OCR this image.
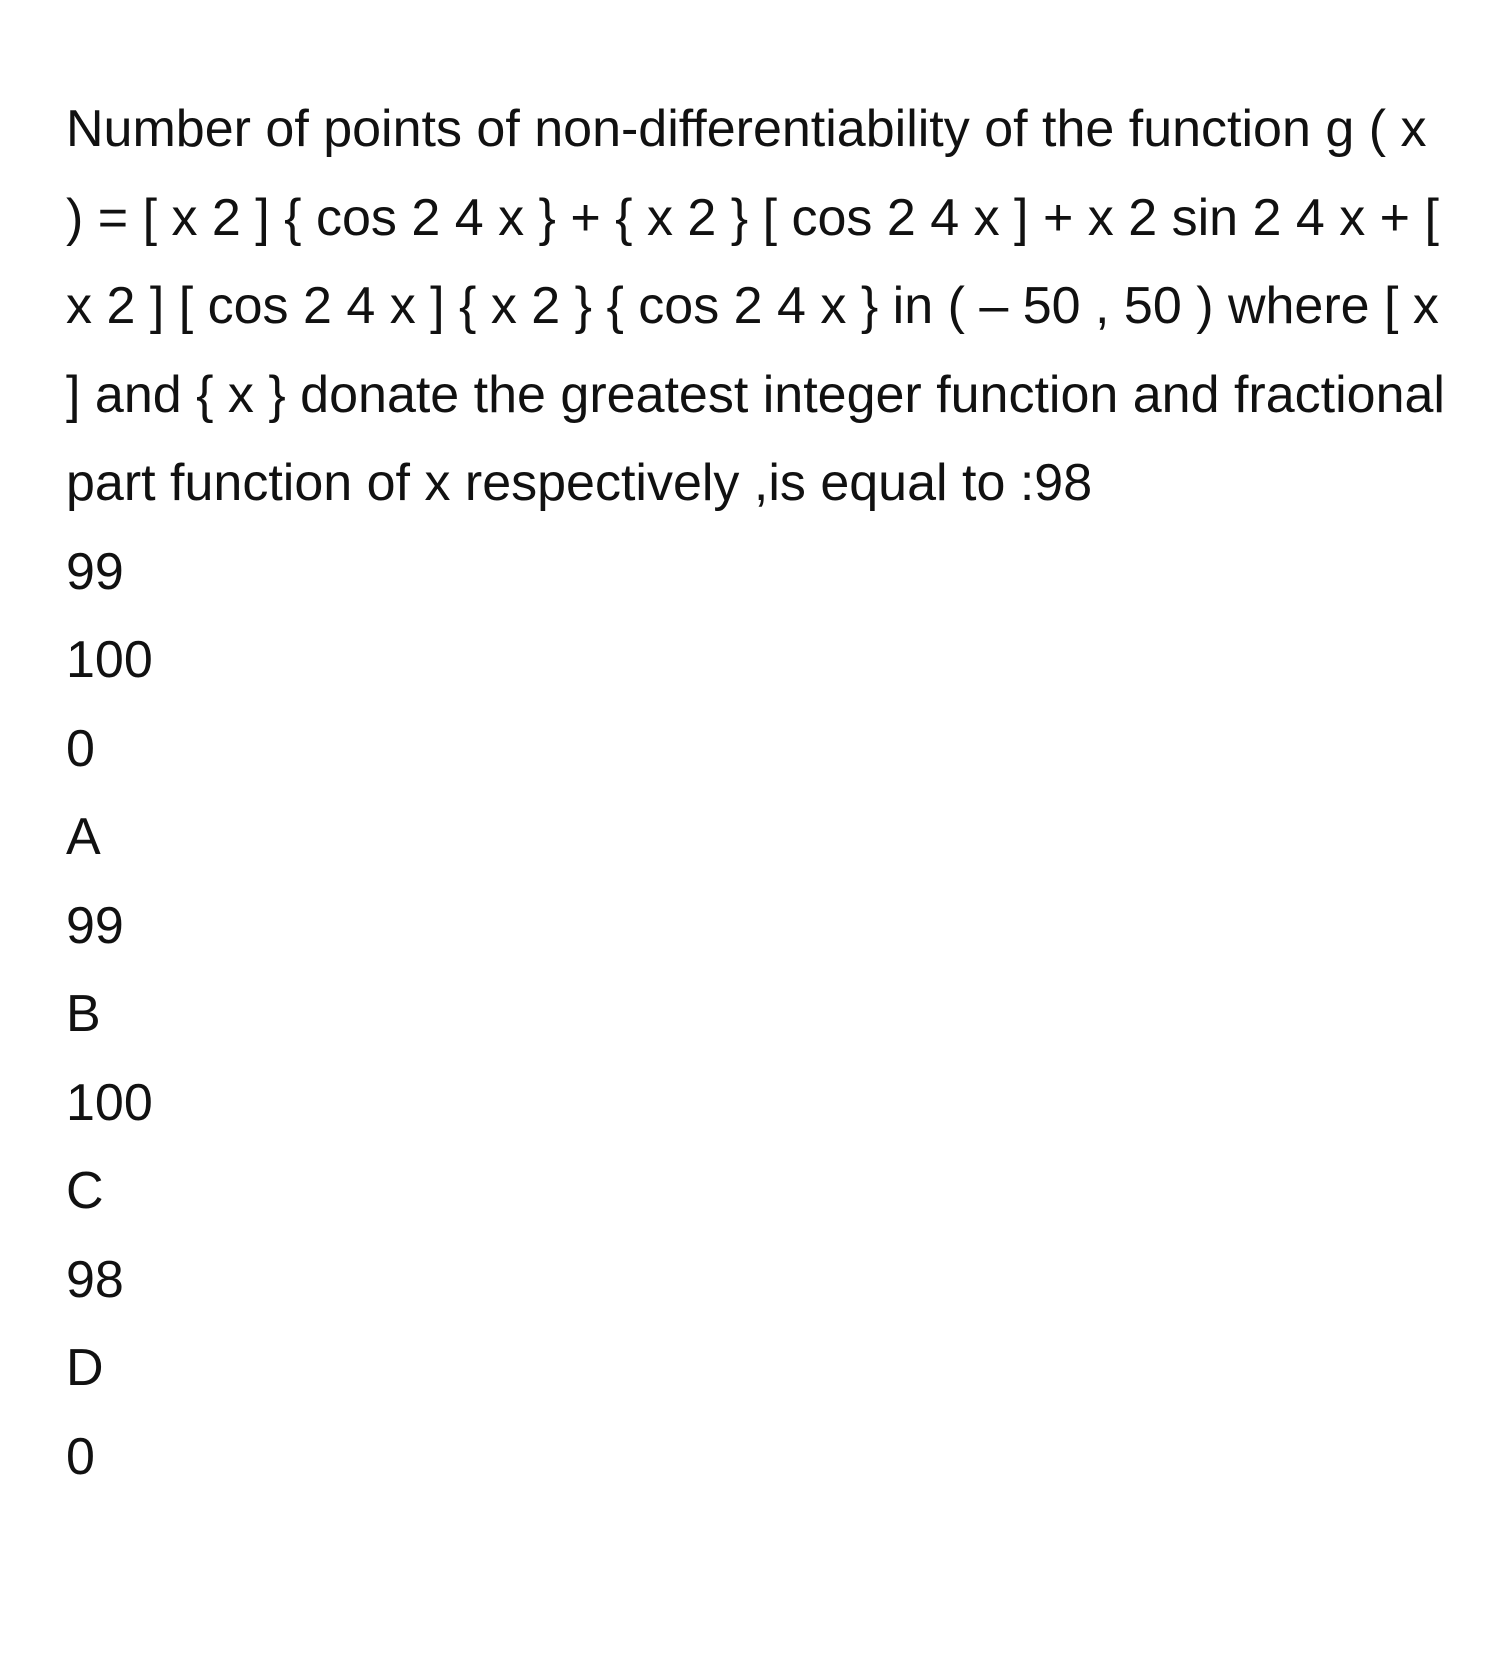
Number of points of non-differentiability of the function g ( x ) = [ x 2 ] { cos 2 4 x } + { x 2 } [ cos 2 4 x ] + x 2 sin 2 4 x + [ x 2 ] [ cos 2 4 x ] { x 2 } { cos 2 4 x } in ( – 50 , 50 ) where [ x ] and { x } donate the greatest integer function and fractional part function of x respectively ,is equal to :98

99
100
0
A
99
B
100
C
98
D
0
